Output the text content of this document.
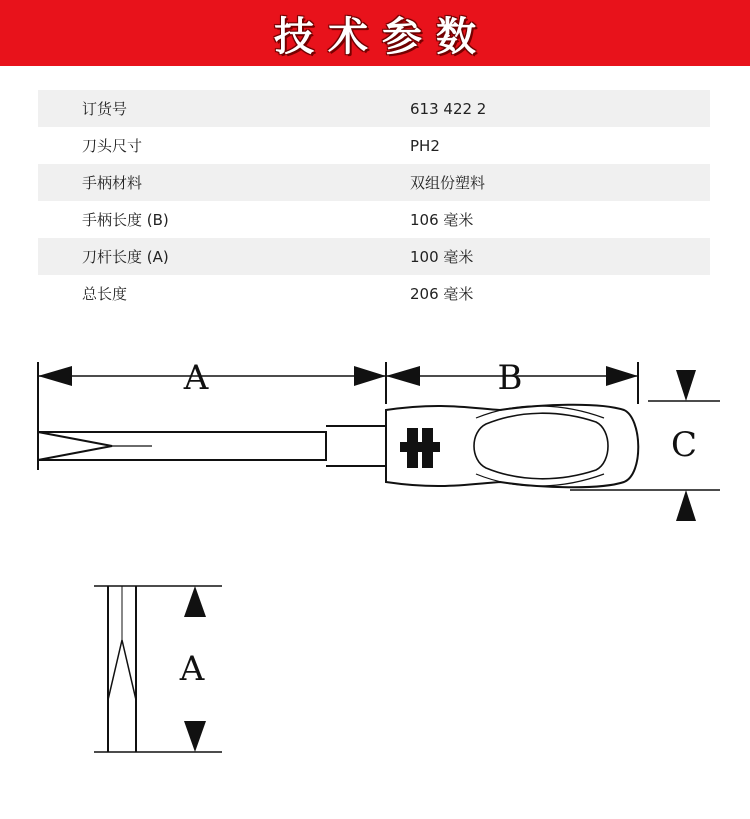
技术参数
订货号	613 422 2
刀头尺寸	PH2
手柄材料	双组份塑料
手柄长度 (B)	106 毫米
刀杆长度 (A)	100 毫米
总长度	206 毫米
A	B
C
A
